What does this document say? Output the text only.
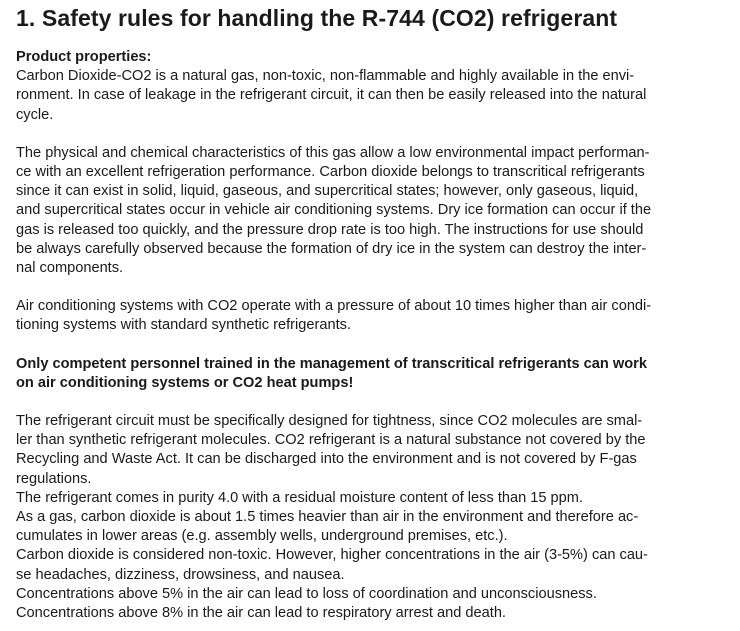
1. Safety rules for handling the R-744 (CO2) refrigerant
Product properties:
Carbon Dioxide-CO2 is a natural gas, non-toxic, non-flammable and highly available in the envi-
ronment. In case of leakage in the refrigerant circuit, it can then be easily released into the natural
cycle.
The physical and chemical characteristics of this gas allow a low environmental impact performan-
ce with an excellent refrigeration performance. Carbon dioxide belongs to transcritical refrigerants
since it can exist in solid, liquid, gaseous, and supercritical states; however, only gaseous, liquid,
and supercritical states occur in vehicle air conditioning systems. Dry ice formation can occur if the
gas is released too quickly, and the pressure drop rate is too high. The instructions for use should
be always carefully observed because the formation of dry ice in the system can destroy the inter-
nal components.
Air conditioning systems with CO2 operate with a pressure of about 10 times higher than air condi-
tioning systems with standard synthetic refrigerants.
Only competent personnel trained in the management of transcritical refrigerants can work
on air conditioning systems or CO2 heat pumps!
The refrigerant circuit must be specifically designed for tightness, since CO2 molecules are smal-
ler than synthetic refrigerant molecules. CO2 refrigerant is a natural substance not covered by the
Recycling and Waste Act. It can be discharged into the environment and is not covered by F-gas
regulations.
The refrigerant comes in purity 4.0 with a residual moisture content of less than 15 ppm.
As a gas, carbon dioxide is about 1.5 times heavier than air in the environment and therefore ac-
cumulates in lower areas (e.g. assembly wells, underground premises, etc.).
Carbon dioxide is considered non-toxic. However, higher concentrations in the air (3-5%) can cau-
se headaches, dizziness, drowsiness, and nausea.
Concentrations above 5% in the air can lead to loss of coordination and unconsciousness.
Concentrations above 8% in the air can lead to respiratory arrest and death.
